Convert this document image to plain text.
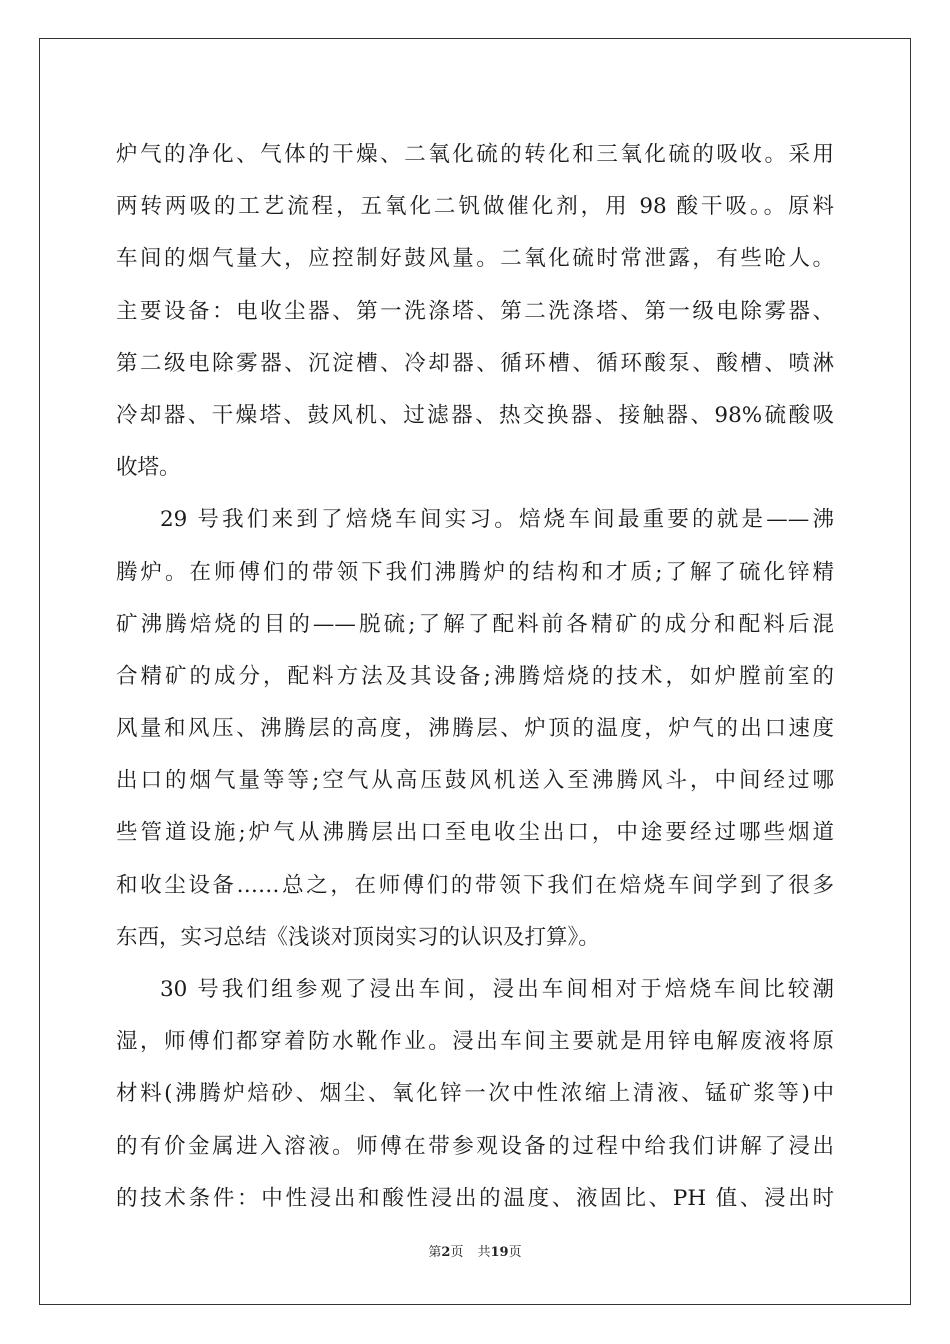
炉气的净化、气体的干燥、二氧化硫的转化和三氧化硫的吸收。采用
两转两吸的工艺流程，五氧化二钒做催化剂，用 98 酸干吸。。原料
车间的烟气量大，应控制好鼓风量。二氧化硫时常泄露，有些呛人。
主要设备：电收尘器、第一洗涤塔、第二洗涤塔、第一级电除雾器、
第二级电除雾器、沉淀槽、冷却器、循环槽、循环酸泵、酸槽、喷淋
冷却器、干燥塔、鼓风机、过滤器、热交换器、接触器、98%硫酸吸
收塔。
29 号我们来到了焙烧车间实习。焙烧车间最重要的就是——沸
腾炉。在师傅们的带领下我们沸腾炉的结构和才质;了解了硫化锌精
矿沸腾焙烧的目的——脱硫;了解了配料前各精矿的成分和配料后混
合精矿的成分，配料方法及其设备;沸腾焙烧的技术，如炉膛前室的
风量和风压、沸腾层的高度，沸腾层、炉顶的温度，炉气的出口速度
出口的烟气量等等;空气从高压鼓风机送入至沸腾风斗，中间经过哪
些管道设施;炉气从沸腾层出口至电收尘出口，中途要经过哪些烟道
和收尘设备……总之，在师傅们的带领下我们在焙烧车间学到了很多
东西，实习总结《浅谈对顶岗实习的认识及打算》。
30 号我们组参观了浸出车间，浸出车间相对于焙烧车间比较潮
湿，师傅们都穿着防水靴作业。浸出车间主要就是用锌电解废液将原
材料(沸腾炉焙砂、烟尘、氧化锌一次中性浓缩上清液、锰矿浆等)中
的有价金属进入溶液。师傅在带参观设备的过程中给我们讲解了浸出
的技术条件：中性浸出和酸性浸出的温度、液固比、PH 值、浸出时
第2页 共19页
